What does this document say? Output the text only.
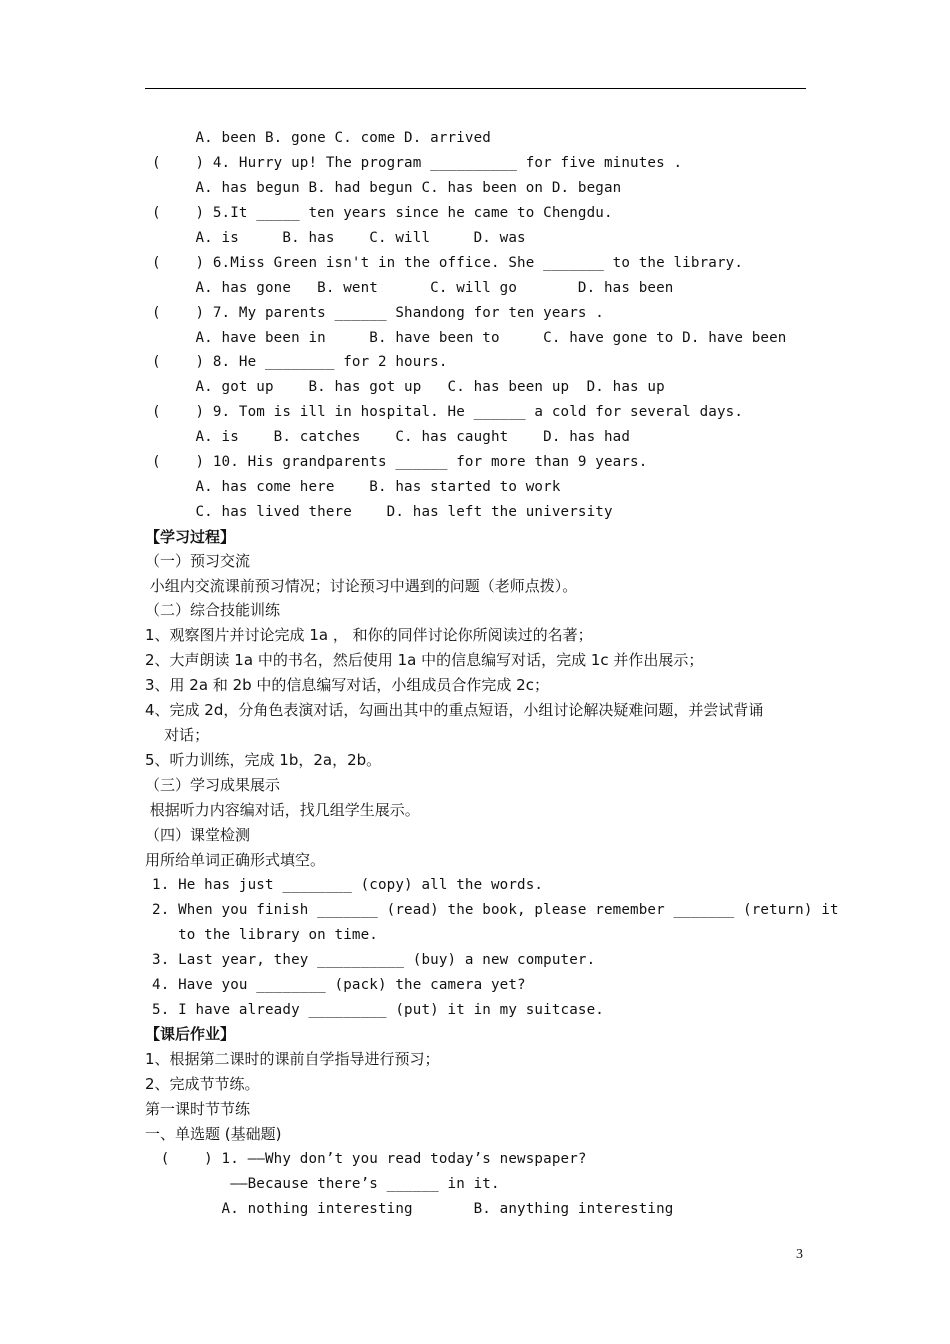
A. been B. gone C. come D. arrived
(    ) 4. Hurry up! The program __________ for five minutes .
A. has begun B. had begun C. has been on D. began
(    ) 5.It _____ ten years since he came to Chengdu.
A. is     B. has    C. will     D. was
(    ) 6.Miss Green isn't in the office. She _______ to the library.
A. has gone   B. went      C. will go       D. has been
(    ) 7. My parents ______ Shandong for ten years .
A. have been in     B. have been to     C. have gone to D. have been
(    ) 8. He ________ for 2 hours.
A. got up    B. has got up   C. has been up  D. has up
(    ) 9. Tom is ill in hospital. He ______ a cold for several days.
A. is    B. catches    C. has caught    D. has had
(    ) 10. His grandparents ______ for more than 9 years.
A. has come here    B. has started to work
C. has lived there    D. has left the university
【学习过程】
（一）预习交流
小组内交流课前预习情况；讨论预习中遇到的问题（老师点拨）。
（二）综合技能训练
1、观察图片并讨论完成 1a ， 和你的同伴讨论你所阅读过的名著；
2、大声朗读 1a 中的书名，然后使用 1a 中的信息编写对话，完成 1c 并作出展示；
3、用 2a 和 2b 中的信息编写对话，小组成员合作完成 2c；
4、完成 2d，分角色表演对话，勾画出其中的重点短语，小组讨论解决疑难问题，并尝试背诵
对话；
5、听力训练，完成 1b，2a，2b。
（三）学习成果展示
根据听力内容编对话，找几组学生展示。
（四）课堂检测
用所给单词正确形式填空。
1. He has just ________ (copy) all the words.
2. When you finish _______ (read) the book, please remember _______ (return) it
to the library on time.
3. Last year, they __________ (buy) a new computer.
4. Have you ________ (pack) the camera yet?
5. I have already _________ (put) it in my suitcase.
【课后作业】
1、根据第二课时的课前自学指导进行预习；
2、完成节节练。
第一课时节节练
一、单选题 (基础题)
(    ) 1. ——Why don’t you read today’s newspaper?
——Because there’s ______ in it.
A. nothing interesting       B. anything interesting
3
